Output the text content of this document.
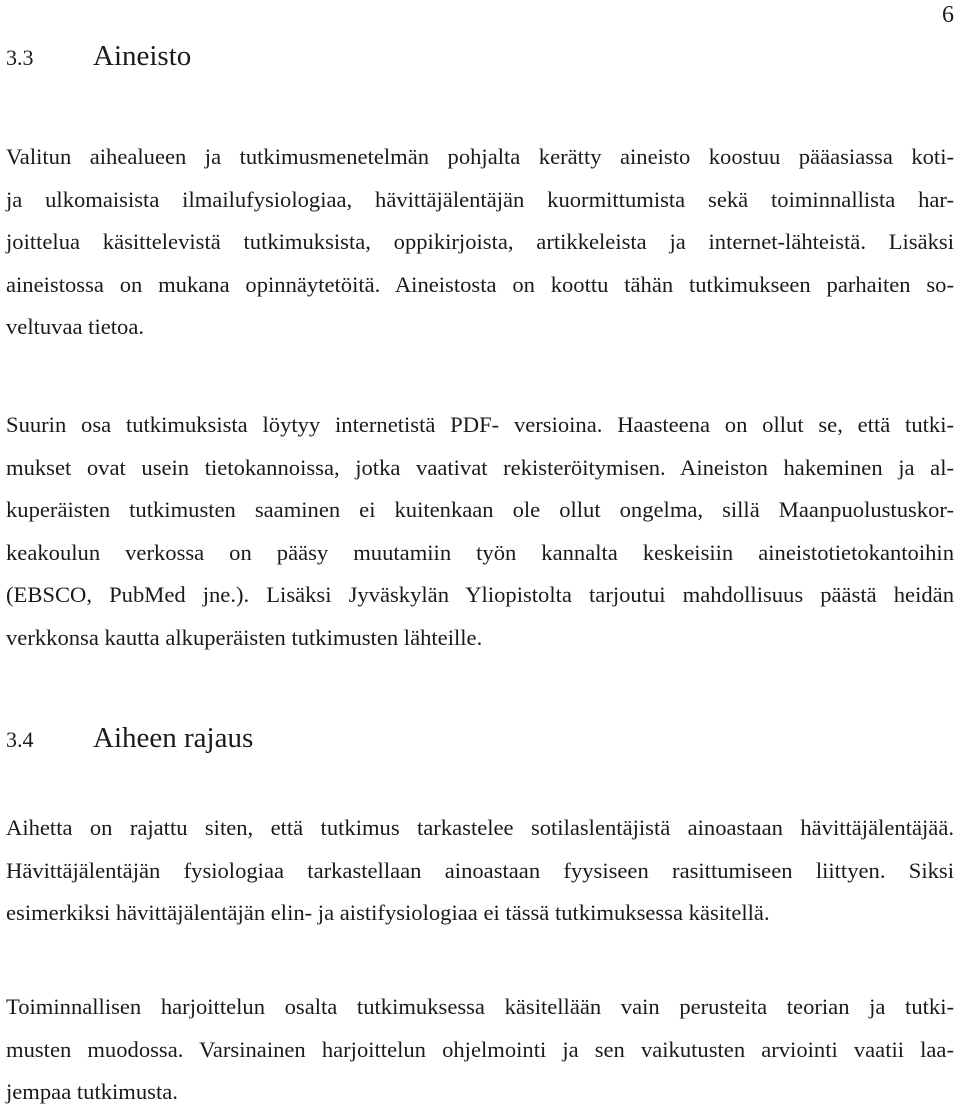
6
3.3 Aineisto

Valitun aihealueen ja tutkimusmenetelmän pohjalta kerätty aineisto koostuu pääasiassa koti-
ja ulkomaisista ilmailufysiologiaa, hävittäjälentäjän kuormittumista sekä toiminnallista har-
joittelua käsittelevistä tutkimuksista, oppikirjoista, artikkeleista ja internet-lähteistä. Lisäksi
aineistossa on mukana opinnäytetöitä. Aineistosta on koottu tähän tutkimukseen parhaiten so-
veltuvaa tietoa.

Suurin osa tutkimuksista löytyy internetistä PDF- versioina. Haasteena on ollut se, että tutki-
mukset ovat usein tietokannoissa, jotka vaativat rekisteröitymisen. Aineiston hakeminen ja al-
kuperäisten tutkimusten saaminen ei kuitenkaan ole ollut ongelma, sillä Maanpuolustuskor-
keakoulun verkossa on pääsy muutamiin työn kannalta keskeisiin aineistotietokantoihin
(EBSCO, PubMed jne.). Lisäksi Jyväskylän Yliopistolta tarjoutui mahdollisuus päästä heidän
verkkonsa kautta alkuperäisten tutkimusten lähteille.

3.4 Aiheen rajaus

Aihetta on rajattu siten, että tutkimus tarkastelee sotilaslentäjistä ainoastaan hävittäjälentäjää.
Hävittäjälentäjän fysiologiaa tarkastellaan ainoastaan fyysiseen rasittumiseen liittyen. Siksi
esimerkiksi hävittäjälentäjän elin- ja aistifysiologiaa ei tässä tutkimuksessa käsitellä.

Toiminnallisen harjoittelun osalta tutkimuksessa käsitellään vain perusteita teorian ja tutki-
musten muodossa. Varsinainen harjoittelun ohjelmointi ja sen vaikutusten arviointi vaatii laa-
jempaa tutkimusta.
